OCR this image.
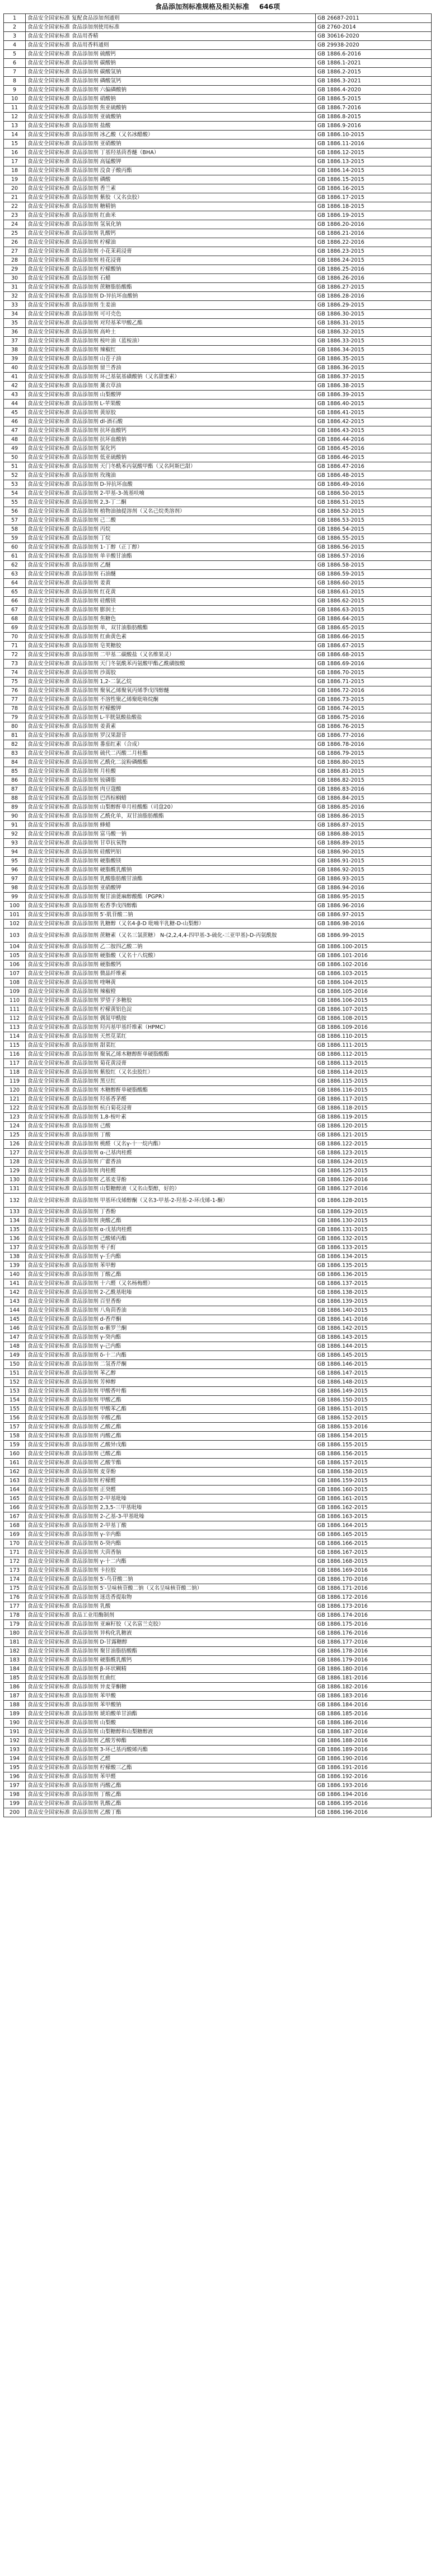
食品添加剂标准规格及相关标准 646项
1	食品安全国家标准 复配食品添加剂通则	GB 26687-2011
2	食品安全国家标准 食品添加剂使用标准	GB 2760-2014
3	食品安全国家标准 食品用香精	GB 30616-2020
4	食品安全国家标准 食品用香料通则	GB 29938-2020
5	食品安全国家标准 食品添加剂 硫酸钙	GB 1886.6-2016
6	食品安全国家标准 食品添加剂 碳酸钠	GB 1886.1-2021
7	食品安全国家标准 食品添加剂 碳酸氢钠	GB 1886.2-2015
8	食品安全国家标准 食品添加剂 磷酸氢钙	GB 1886.3-2021
9	食品安全国家标准 食品添加剂 六偏磷酸钠	GB 1886.4-2020
10	食品安全国家标准 食品添加剂 硝酸钠	GB 1886.5-2015
11	食品安全国家标准 食品添加剂 焦亚硫酸钠	GB 1886.7-2016
12	食品安全国家标准 食品添加剂 亚硫酸钠	GB 1886.8-2015
13	食品安全国家标准 食品添加剂 盐酸	GB 1886.9-2016
14	食品安全国家标准 食品添加剂 冰乙酸（又名冰醋酸）	GB 1886.10-2015
15	食品安全国家标准 食品添加剂 亚硝酸钠	GB 1886.11-2016
16	食品安全国家标准 食品添加剂 丁基羟基茴香醚（BHA）	GB 1886.12-2015
17	食品安全国家标准 食品添加剂 高锰酸钾	GB 1886.13-2015
18	食品安全国家标准 食品添加剂 没食子酸丙酯	GB 1886.14-2015
19	食品安全国家标准 食品添加剂 磷酸	GB 1886.15-2015
20	食品安全国家标准 食品添加剂 香兰素	GB 1886.16-2015
21	食品安全国家标准 食品添加剂 紫胶（又名虫胶）	GB 1886.17-2015
22	食品安全国家标准 食品添加剂 糖精钠	GB 1886.18-2015
23	食品安全国家标准 食品添加剂 红曲米	GB 1886.19-2015
24	食品安全国家标准 食品添加剂 氢氧化钠	GB 1886.20-2016
25	食品安全国家标准 食品添加剂 乳酸钙	GB 1886.21-2016
26	食品安全国家标准 食品添加剂 柠檬油	GB 1886.22-2016
27	食品安全国家标准 食品添加剂 小花茉莉浸膏	GB 1886.23-2015
28	食品安全国家标准 食品添加剂 桂花浸膏	GB 1886.24-2015
29	食品安全国家标准 食品添加剂 柠檬酸钠	GB 1886.25-2016
30	食品安全国家标准 食品添加剂 石蜡	GB 1886.26-2016
31	食品安全国家标准 食品添加剂 蔗糖脂肪酸酯	GB 1886.27-2015
32	食品安全国家标准 食品添加剂 D-异抗坏血酸钠	GB 1886.28-2016
33	食品安全国家标准 食品添加剂 生姜油	GB 1886.29-2015
34	食品安全国家标准 食品添加剂 可可壳色	GB 1886.30-2015
35	食品安全国家标准 食品添加剂 对羟基苯甲酸乙酯	GB 1886.31-2015
36	食品安全国家标准 食品添加剂 高岭土	GB 1886.32-2015
37	食品安全国家标准 食品添加剂 桉叶油（蓝桉油）	GB 1886.33-2015
38	食品安全国家标准 食品添加剂 辣椒红	GB 1886.34-2015
39	食品安全国家标准 食品添加剂 山苍子油	GB 1886.35-2015
40	食品安全国家标准 食品添加剂 留兰香油	GB 1886.36-2015
41	食品安全国家标准 食品添加剂 环己基氨基磺酸钠（又名甜蜜素）	GB 1886.37-2015
42	食品安全国家标准 食品添加剂 薰衣草油	GB 1886.38-2015
43	食品安全国家标准 食品添加剂 山梨酸钾	GB 1886.39-2015
44	食品安全国家标准 食品添加剂 L-苹果酸	GB 1886.40-2015
45	食品安全国家标准 食品添加剂 黄原胶	GB 1886.41-2015
46	食品安全国家标准 食品添加剂 dl-酒石酸	GB 1886.42-2015
47	食品安全国家标准 食品添加剂 抗坏血酸钙	GB 1886.43-2015
48	食品安全国家标准 食品添加剂 抗坏血酸钠	GB 1886.44-2016
49	食品安全国家标准 食品添加剂 氯化钙	GB 1886.45-2016
50	食品安全国家标准 食品添加剂 低亚硫酸钠	GB 1886.46-2015
51	食品安全国家标准 食品添加剂 天门冬酰苯丙氨酸甲酯（又名阿斯巴甜）	GB 1886.47-2016
52	食品安全国家标准 食品添加剂 玫瑰油	GB 1886.48-2015
53	食品安全国家标准 食品添加剂 D-异抗坏血酸	GB 1886.49-2016
54	食品安全国家标准 食品添加剂 2-甲基-3-巯基呋喃	GB 1886.50-2015
55	食品安全国家标准 食品添加剂 2,3-丁二酮	GB 1886.51-2015
56	食品安全国家标准 食品添加剂 植物油抽提溶剂（又名己烷类溶剂）	GB 1886.52-2015
57	食品安全国家标准 食品添加剂 己二酸	GB 1886.53-2015
58	食品安全国家标准 食品添加剂 丙烷	GB 1886.54-2015
59	食品安全国家标准 食品添加剂 丁烷	GB 1886.55-2015
60	食品安全国家标准 食品添加剂 1-丁醇（正丁醇）	GB 1886.56-2015
61	食品安全国家标准 食品添加剂 单辛酸甘油酯	GB 1886.57-2016
62	食品安全国家标准 食品添加剂 乙醚	GB 1886.58-2015
63	食品安全国家标准 食品添加剂 石油醚	GB 1886.59-2015
64	食品安全国家标准 食品添加剂 姜黄	GB 1886.60-2015
65	食品安全国家标准 食品添加剂 红花黄	GB 1886.61-2015
66	食品安全国家标准 食品添加剂 硅酸镁	GB 1886.62-2015
67	食品安全国家标准 食品添加剂 膨润土	GB 1886.63-2015
68	食品安全国家标准 食品添加剂 焦糖色	GB 1886.64-2015
69	食品安全国家标准 食品添加剂 单，双甘油脂肪酸酯	GB 1886.65-2015
70	食品安全国家标准 食品添加剂 红曲黄色素	GB 1886.66-2015
71	食品安全国家标准 食品添加剂 皂荚糖胶	GB 1886.67-2015
72	食品安全国家标准 食品添加剂 二甲基二碳酸盐（又名维果灵）	GB 1886.68-2015
73	食品安全国家标准 食品添加剂 天门冬氨酰苯丙氨酸甲酯乙酰磺胺酸	GB 1886.69-2016
74	食品安全国家标准 食品添加剂 沙蒿胶	GB 1886.70-2015
75	食品安全国家标准 食品添加剂 1,2-二氯乙烷	GB 1886.71-2015
76	食品安全国家标准 食品添加剂 聚氧乙烯聚氧丙烯季戊四醇醚	GB 1886.72-2016
77	食品安全国家标准 食品添加剂 不溶性聚乙烯聚吡咯烷酮	GB 1886.73-2015
78	食品安全国家标准 食品添加剂 柠檬酸钾	GB 1886.74-2015
79	食品安全国家标准 食品添加剂 L-半胱氨酸盐酸盐	GB 1886.75-2016
80	食品安全国家标准 食品添加剂 姜黄素	GB 1886.76-2015
81	食品安全国家标准 食品添加剂 罗汉果甜苷	GB 1886.77-2016
82	食品安全国家标准 食品添加剂 番茄红素（合成）	GB 1886.78-2016
83	食品安全国家标准 食品添加剂 硫代二丙酸二月桂酯	GB 1886.79-2015
84	食品安全国家标准 食品添加剂 乙酰化二淀粉磷酸酯	GB 1886.80-2015
85	食品安全国家标准 食品添加剂 月桂酸	GB 1886.81-2015
86	食品安全国家标准 食品添加剂 铵磷脂	GB 1886.82-2015
87	食品安全国家标准 食品添加剂 肉豆蔻酸	GB 1886.83-2016
88	食品安全国家标准 食品添加剂 巴西棕榈蜡	GB 1886.84-2015
89	食品安全国家标准 食品添加剂 山梨醇酐单月桂酸酯（司盘20）	GB 1886.85-2016
90	食品安全国家标准 食品添加剂 乙酰化单，双甘油脂肪酸酯	GB 1886.86-2015
91	食品安全国家标准 食品添加剂 蜂蜡	GB 1886.87-2015
92	食品安全国家标准 食品添加剂 富马酸一钠	GB 1886.88-2015
93	食品安全国家标准 食品添加剂 甘草抗氧物	GB 1886.89-2015
94	食品安全国家标准 食品添加剂 硅酸钙铝	GB 1886.90-2015
95	食品安全国家标准 食品添加剂 硬脂酸镁	GB 1886.91-2015
96	食品安全国家标准 食品添加剂 硬脂酰乳酸钠	GB 1886.92-2015
97	食品安全国家标准 食品添加剂 乳酸脂肪酸甘油酯	GB 1886.93-2015
98	食品安全国家标准 食品添加剂 亚硝酸钾	GB 1886.94-2016
99	食品安全国家标准 食品添加剂 聚甘油蓖麻醇酸酯（PGPR）	GB 1886.95-2015
100	食品安全国家标准 食品添加剂 松香季戊四醇酯	GB 1886.96-2016
101	食品安全国家标准 食品添加剂 5′-肌苷酸二钠	GB 1886.97-2015
102	食品安全国家标准 食品添加剂 乳糖醇（又名4-β-D 吡喃半乳糖-D-山梨醇）	GB 1886.98-2016
103	食品安全国家标准 食品添加剂 蔗糖素（又名三氯蔗糖） N-(2,2,4,4-四甲基-3-硫化-三亚甲基)-D-丙氨酰胺	GB 1886.99-2015
104	食品安全国家标准 食品添加剂 乙二胺四乙酸二钠	GB 1886.100-2015
105	食品安全国家标准 食品添加剂 硬脂酸（又名十八烷酸）	GB 1886.101-2016
106	食品安全国家标准 食品添加剂 硬脂酸钙	GB 1886.102-2016
107	食品安全国家标准 食品添加剂 微晶纤维素	GB 1886.103-2015
108	食品安全国家标准 食品添加剂 喹啉黄	GB 1886.104-2015
109	食品安全国家标准 食品添加剂 辣椒橙	GB 1886.105-2016
110	食品安全国家标准 食品添加剂 罗望子多糖胶	GB 1886.106-2015
111	食品安全国家标准 食品添加剂 柠檬黄铝色淀	GB 1886.107-2015
112	食品安全国家标准 食品添加剂 偶氮甲酰胺	GB 1886.108-2015
113	食品安全国家标准 食品添加剂 羟丙基甲基纤维素（HPMC）	GB 1886.109-2016
114	食品安全国家标准 食品添加剂 天然苋菜红	GB 1886.110-2015
115	食品安全国家标准 食品添加剂 甜菜红	GB 1886.111-2015
116	食品安全国家标准 食品添加剂 聚氧乙烯木糖醇酐单硬脂酸酯	GB 1886.112-2015
117	食品安全国家标准 食品添加剂 菊花黄浸膏	GB 1886.113-2015
118	食品安全国家标准 食品添加剂 紫胶红（又名虫胶红）	GB 1886.114-2015
119	食品安全国家标准 食品添加剂 黑豆红	GB 1886.115-2015
120	食品安全国家标准 食品添加剂 木糖醇酐单硬脂酸酯	GB 1886.116-2015
121	食品安全国家标准 食品添加剂 羟基香茅醛	GB 1886.117-2015
122	食品安全国家标准 食品添加剂 杭白菊花浸膏	GB 1886.118-2015
123	食品安全国家标准 食品添加剂 1,8-桉叶素	GB 1886.119-2015
124	食品安全国家标准 食品添加剂 己酸	GB 1886.120-2015
125	食品安全国家标准 食品添加剂 丁酸	GB 1886.121-2015
126	食品安全国家标准 食品添加剂 桃醛（又名γ-十一烷内酯）	GB 1886.122-2015
127	食品安全国家标准 食品添加剂 α-己基肉桂醛	GB 1886.123-2015
128	食品安全国家标准 食品添加剂 广藿香油	GB 1886.124-2015
129	食品安全国家标准 食品添加剂 肉桂醛	GB 1886.125-2015
130	食品安全国家标准 食品添加剂 乙基麦芽酚	GB 1886.126-2016
131	食品安全国家标准 食品添加剂 山梨糖醇液（又名山梨醇，好的）	GB 1886.127-2016
132	食品安全国家标准 食品添加剂 甲基环戊烯醇酮（又名3-甲基-2-羟基-2-环戊烯-1-酮）	GB 1886.128-2015
133	食品安全国家标准 食品添加剂 丁香酚	GB 1886.129-2015
134	食品安全国家标准 食品添加剂 庚酸乙酯	GB 1886.130-2015
135	食品安全国家标准 食品添加剂 α-戊基肉桂醛	GB 1886.131-2015
136	食品安全国家标准 食品添加剂 己酸烯丙酯	GB 1886.132-2015
137	食品安全国家标准 食品添加剂 枣子酊	GB 1886.133-2015
138	食品安全国家标准 食品添加剂 γ-壬内酯	GB 1886.134-2015
139	食品安全国家标准 食品添加剂 苯甲醇	GB 1886.135-2015
140	食品安全国家标准 食品添加剂 丁酸乙酯	GB 1886.136-2015
141	食品安全国家标准 食品添加剂 十六醛（又名杨梅醛）	GB 1886.137-2015
142	食品安全国家标准 食品添加剂 2-乙酰基吡嗪	GB 1886.138-2015
143	食品安全国家标准 食品添加剂 百里香酚	GB 1886.139-2015
144	食品安全国家标准 食品添加剂 八角茴香油	GB 1886.140-2015
145	食品安全国家标准 食品添加剂 d-香芹酮	GB 1886.141-2016
146	食品安全国家标准 食品添加剂 α-紫罗兰酮	GB 1886.142-2015
147	食品安全国家标准 食品添加剂 γ-癸内酯	GB 1886.143-2015
148	食品安全国家标准 食品添加剂 γ-己内酯	GB 1886.144-2015
149	食品安全国家标准 食品添加剂 δ-十二内酯	GB 1886.145-2015
150	食品安全国家标准 食品添加剂 二氢香芹酮	GB 1886.146-2015
151	食品安全国家标准 食品添加剂 苯乙醇	GB 1886.147-2015
152	食品安全国家标准 食品添加剂 芳樟醇	GB 1886.148-2015
153	食品安全国家标准 食品添加剂 甲酸香叶酯	GB 1886.149-2015
154	食品安全国家标准 食品添加剂 甲酸乙酯	GB 1886.150-2015
155	食品安全国家标准 食品添加剂 甲酸苯乙酯	GB 1886.151-2015
156	食品安全国家标准 食品添加剂 辛酸乙酯	GB 1886.152-2015
157	食品安全国家标准 食品添加剂 乙酸乙酯	GB 1886.153-2016
158	食品安全国家标准 食品添加剂 丙酸乙酯	GB 1886.154-2015
159	食品安全国家标准 食品添加剂 乙酸异戊酯	GB 1886.155-2015
160	食品安全国家标准 食品添加剂 己酸乙酯	GB 1886.156-2015
161	食品安全国家标准 食品添加剂 乙酸苄酯	GB 1886.157-2015
162	食品安全国家标准 食品添加剂 麦芽酚	GB 1886.158-2015
163	食品安全国家标准 食品添加剂 柠檬醛	GB 1886.159-2015
164	食品安全国家标准 食品添加剂 正癸醛	GB 1886.160-2015
165	食品安全国家标准 食品添加剂 2-甲基吡嗪	GB 1886.161-2015
166	食品安全国家标准 食品添加剂 2,3,5-三甲基吡嗪	GB 1886.162-2015
167	食品安全国家标准 食品添加剂 2-乙基-3-甲基吡嗪	GB 1886.163-2015
168	食品安全国家标准 食品添加剂 2-甲基丁酸	GB 1886.164-2015
169	食品安全国家标准 食品添加剂 γ-辛内酯	GB 1886.165-2015
170	食品安全国家标准 食品添加剂 δ-癸内酯	GB 1886.166-2015
171	食品安全国家标准 食品添加剂 大茴香脑	GB 1886.167-2015
172	食品安全国家标准 食品添加剂 γ-十二内酯	GB 1886.168-2015
173	食品安全国家标准 食品添加剂 卡拉胶	GB 1886.169-2016
174	食品安全国家标准 食品添加剂 5′-鸟苷酸二钠	GB 1886.170-2016
175	食品安全国家标准 食品添加剂 5′-呈味核苷酸二钠（又名呈味核苷酸二钠）	GB 1886.171-2016
176	食品安全国家标准 食品添加剂 迷迭香提取物	GB 1886.172-2016
177	食品安全国家标准 食品添加剂 乳酸	GB 1886.173-2016
178	食品安全国家标准 食品工业用酶制剂	GB 1886.174-2016
179	食品安全国家标准 食品添加剂 亚麻籽胶（又名富兰克胶）	GB 1886.175-2016
180	食品安全国家标准 食品添加剂 异构化乳糖液	GB 1886.176-2016
181	食品安全国家标准 食品添加剂 D-甘露糖醇	GB 1886.177-2016
182	食品安全国家标准 食品添加剂 聚甘油脂肪酸酯	GB 1886.178-2016
183	食品安全国家标准 食品添加剂 硬脂酰乳酸钙	GB 1886.179-2016
184	食品安全国家标准 食品添加剂 β-环状糊精	GB 1886.180-2016
185	食品安全国家标准 食品添加剂 红曲红	GB 1886.181-2016
186	食品安全国家标准 食品添加剂 异麦芽酮糖	GB 1886.182-2016
187	食品安全国家标准 食品添加剂 苯甲酸	GB 1886.183-2016
188	食品安全国家标准 食品添加剂 苯甲酸钠	GB 1886.184-2016
189	食品安全国家标准 食品添加剂 琥珀酸单甘油酯	GB 1886.185-2016
190	食品安全国家标准 食品添加剂 山梨酸	GB 1886.186-2016
191	食品安全国家标准 食品添加剂 山梨糖醇和山梨糖醇液	GB 1886.187-2016
192	食品安全国家标准 食品添加剂 乙酸芳樟酯	GB 1886.188-2016
193	食品安全国家标准 食品添加剂 3-环己基丙酸烯丙酯	GB 1886.189-2016
194	食品安全国家标准 食品添加剂 乙醛	GB 1886.190-2016
195	食品安全国家标准 食品添加剂 柠檬酸三乙酯	GB 1886.191-2016
196	食品安全国家标准 食品添加剂 苯甲醛	GB 1886.192-2016
197	食品安全国家标准 食品添加剂 丙酸乙酯	GB 1886.193-2016
198	食品安全国家标准 食品添加剂 丁酸乙酯	GB 1886.194-2016
199	食品安全国家标准 食品添加剂 乳酸乙酯	GB 1886.195-2016
200	食品安全国家标准 食品添加剂 乙酸丁酯	GB 1886.196-2016
